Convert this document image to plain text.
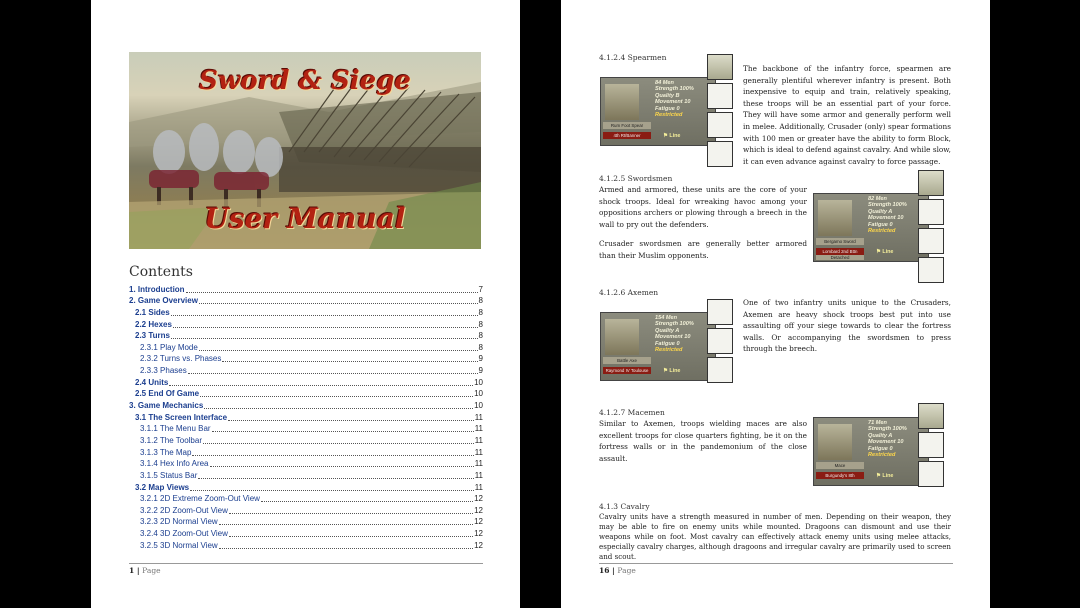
Sword & Siege
User Manual
Contents
1. Introduction	7
2. Game Overview	8
2.1 Sides	8
2.2 Hexes	8
2.3 Turns	8
2.3.1 Play Mode	8
2.3.2 Turns vs. Phases	9
2.3.3 Phases	9
2.4 Units	10
2.5 End Of Game	10
3. Game Mechanics	10
3.1 The Screen Interface	11
3.1.1 The Menu Bar	11
3.1.2 The Toolbar	11
3.1.3 The Map	11
3.1.4 Hex Info Area	11
3.1.5 Status Bar	11
3.2 Map Views	11
3.2.1 2D Extreme Zoom-Out View	12
3.2.2 2D Zoom-Out View	12
3.2.3 2D Normal View	12
3.2.4 3D Zoom-Out View	12
3.2.5 3D Normal View	12
1 | Page
4.1.2.4 Spearmen
84 Men
Strength 100%
Quality B
Movement 10
Fatigue 0
Restricted
Rum Foot Spear
4th Rt/Banner	⚑ Line
The backbone of the infantry force, spearmen are generally plentiful wherever infantry is present. Both inexpensive to equip and train, relatively speaking, these troops will be an essential part of your force. They will have some armor and generally perform well in melee. Additionally, Crusader (only) spear formations with 100 men or greater have the ability to form Block, which is ideal to defend against cavalry. And while slow, it can even advance against cavalry to force passage.
4.1.2.5 Swordsmen
Armed and armored, these units are the core of your shock troops. Ideal for wreaking havoc among your oppositions archers or plowing through a breech in the wall to pry out the defenders.
Crusader swordsmen are generally better armored than their Muslim opponents.
82 Men
Strength 100%
Quality A
Movement 10
Fatigue 0
Restricted
Bergamo Sword
Lombard 2nd Bttn
Detached
⚑ Line
4.1.2.6 Axemen
154 Men
Strength 100%
Quality A
Movement 10
Fatigue 0
Restricted
Battle Axe
Raymond IV Toulouse	⚑ Line
One of two infantry units unique to the Crusaders, Axemen are heavy shock troops best put into use assaulting off your siege towards to clear the fortress walls. Or accompanying the swordsmen to press through the breech.
4.1.2.7 Macemen
Similar to Axemen, troops wielding maces are also excellent troops for close quarters fighting, be it on the fortress walls or in the pandemonium of the close assault.
71 Men
Strength 100%
Quality A
Movement 10
Fatigue 0
Restricted
Mace
Burgundy's 8th	⚑ Line
4.1.3 Cavalry
Cavalry units have a strength measured in number of men. Depending on their weapon, they may be able to fire on enemy units while mounted. Dragoons can dismount and use their weapons while on foot. Most cavalry can effectively attack enemy units using melee attacks, especially cavalry charges, although dragoons and irregular cavalry are primarily used to screen and scout.
16 | Page
